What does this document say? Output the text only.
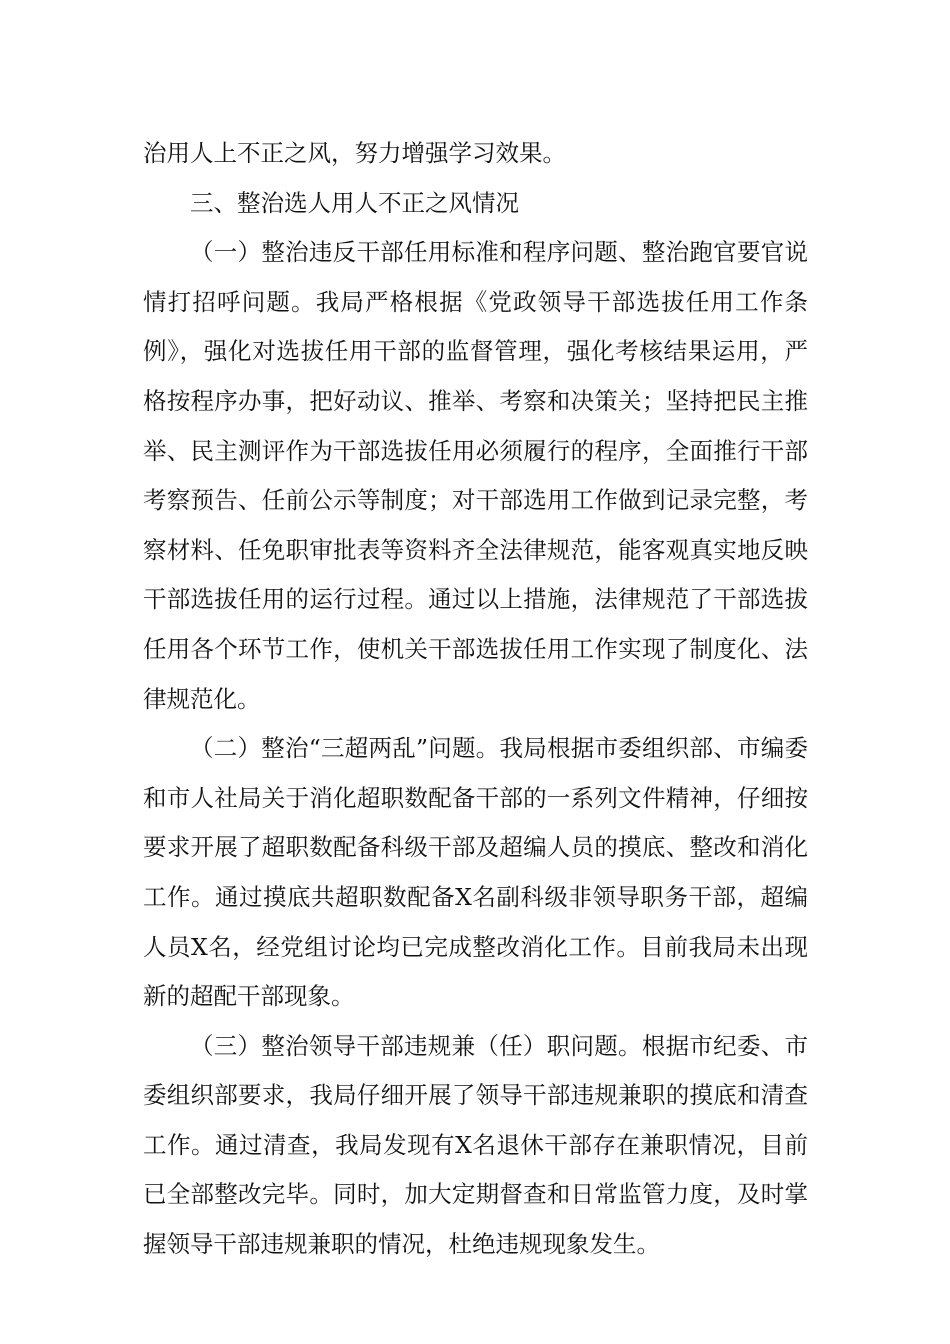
治用人上不正之风，努力增强学习效果。

三、整治选人用人不正之风情况

（一）整治违反干部任用标准和程序问题、整治跑官要官说情打招呼问题。我局严格根据《党政领导干部选拔任用工作条例》，强化对选拔任用干部的监督管理，强化考核结果运用，严格按程序办事，把好动议、推举、考察和决策关；坚持把民主推举、民主测评作为干部选拔任用必须履行的程序，全面推行干部考察预告、任前公示等制度；对干部选用工作做到记录完整，考察材料、任免职审批表等资料齐全法律规范，能客观真实地反映干部选拔任用的运行过程。通过以上措施，法律规范了干部选拔任用各个环节工作，使机关干部选拔任用工作实现了制度化、法律规范化。

（二）整治“三超两乱”问题。我局根据市委组织部、市编委和市人社局关于消化超职数配备干部的一系列文件精神，仔细按要求开展了超职数配备科级干部及超编人员的摸底、整改和消化工作。通过摸底共超职数配备X名副科级非领导职务干部，超编人员X名，经党组讨论均已完成整改消化工作。目前我局未出现新的超配干部现象。

（三）整治领导干部违规兼（任）职问题。根据市纪委、市委组织部要求，我局仔细开展了领导干部违规兼职的摸底和清查工作。通过清查，我局发现有X名退休干部存在兼职情况，目前已全部整改完毕。同时，加大定期督查和日常监管力度，及时掌握领导干部违规兼职的情况，杜绝违规现象发生。
